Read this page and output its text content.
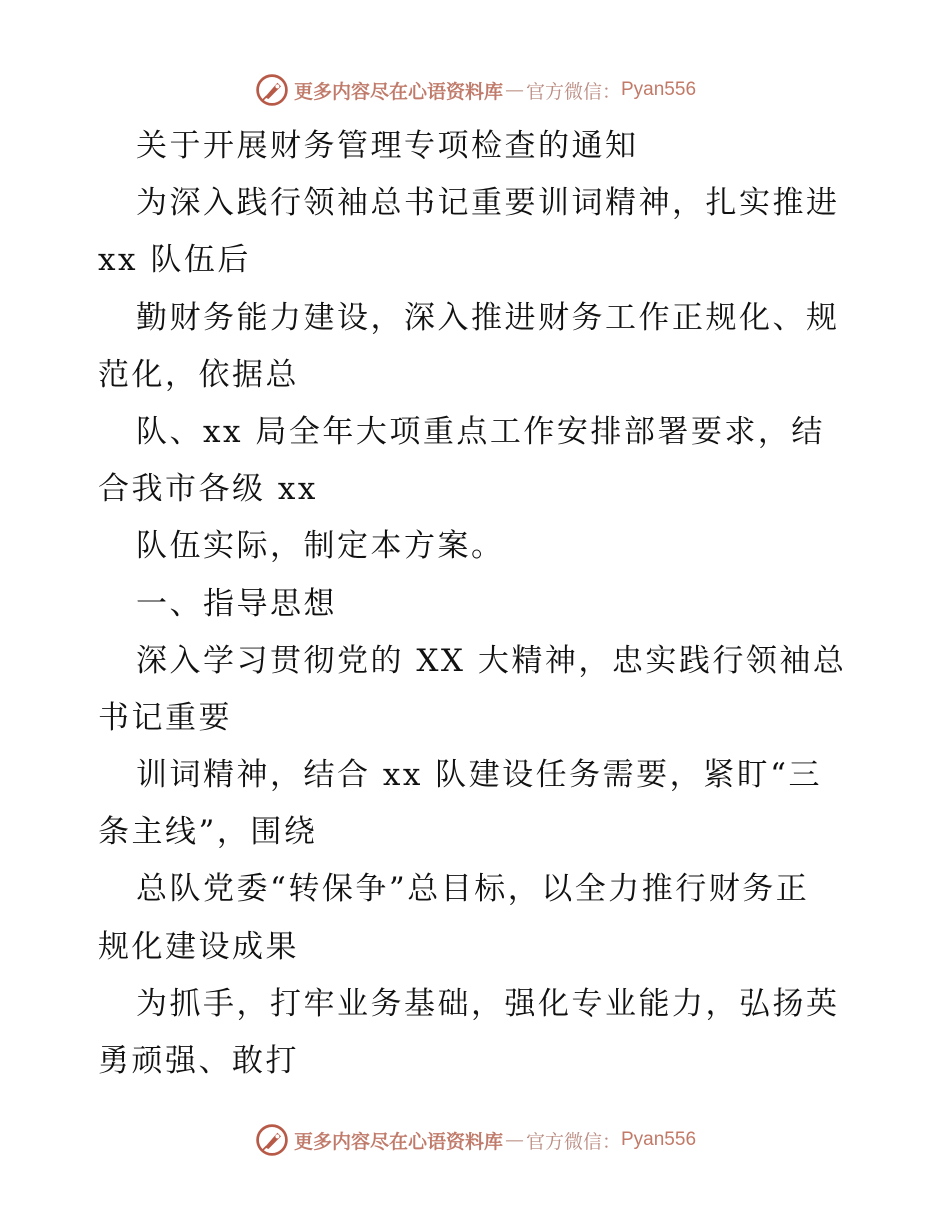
更多内容尽在心语资料库 — 官方微信： Pyan556
关于开展财务管理专项检查的通知
为深入践行领袖总书记重要训词精神，扎实推进
xx 队伍后
勤财务能力建设，深入推进财务工作正规化、规
范化，依据总
队、xx 局全年大项重点工作安排部署要求，结
合我市各级 xx
队伍实际，制定本方案。
一、指导思想
深入学习贯彻党的 XX 大精神，忠实践行领袖总
书记重要
训词精神，结合 xx 队建设任务需要，紧盯“三
条主线”，围绕
总队党委“转保争”总目标，以全力推行财务正
规化建设成果
为抓手，打牢业务基础，强化专业能力，弘扬英
勇顽强、敢打
更多内容尽在心语资料库 — 官方微信： Pyan556
